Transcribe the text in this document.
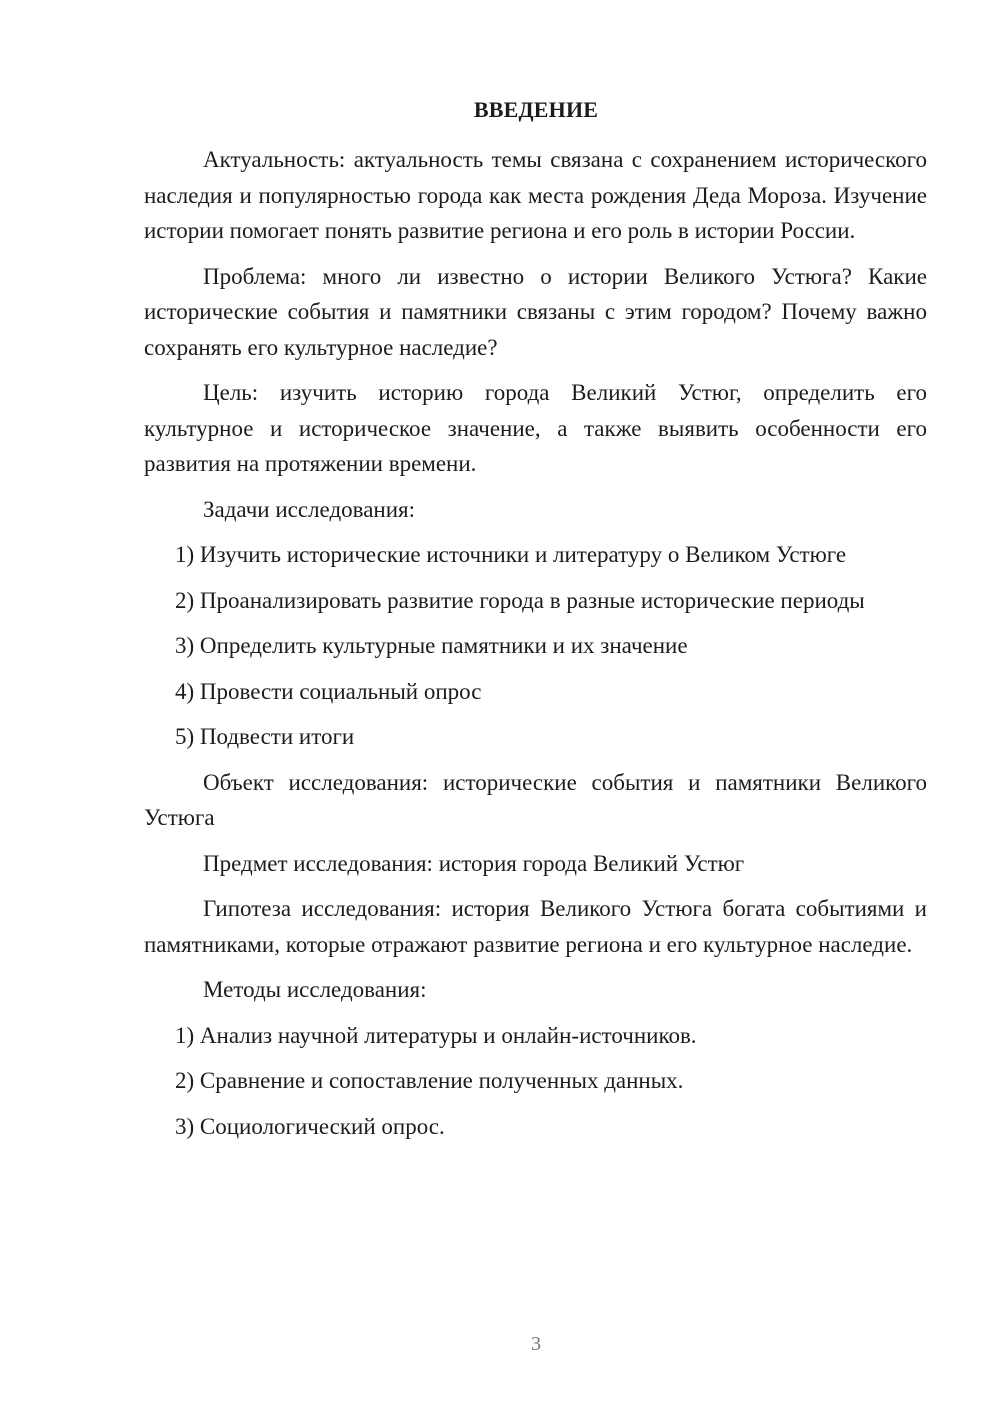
ВВЕДЕНИЕ

Актуальность: актуальность темы связана с сохранением исторического наследия и популярностью города как места рождения Деда Мороза. Изучение истории помогает понять развитие региона и его роль в истории России.

Проблема: много ли известно о истории Великого Устюга? Какие исторические события и памятники связаны с этим городом? Почему важно сохранять его культурное наследие?

Цель: изучить историю города Великий Устюг, определить его культурное и историческое значение, а также выявить особенности его развития на протяжении времени.

Задачи исследования:

1) Изучить исторические источники и литературу о Великом Устюге

2) Проанализировать развитие города в разные исторические периоды

3) Определить культурные памятники и их значение

4) Провести социальный опрос

5) Подвести итоги

Объект исследования: исторические события и памятники Великого Устюга

Предмет исследования: история города Великий Устюг

Гипотеза исследования: история Великого Устюга богата событиями и памятниками, которые отражают развитие региона и его культурное наследие.

Методы исследования:

1) Анализ научной литературы и онлайн-источников.

2) Сравнение и сопоставление полученных данных.

3) Социологический опрос.

3
